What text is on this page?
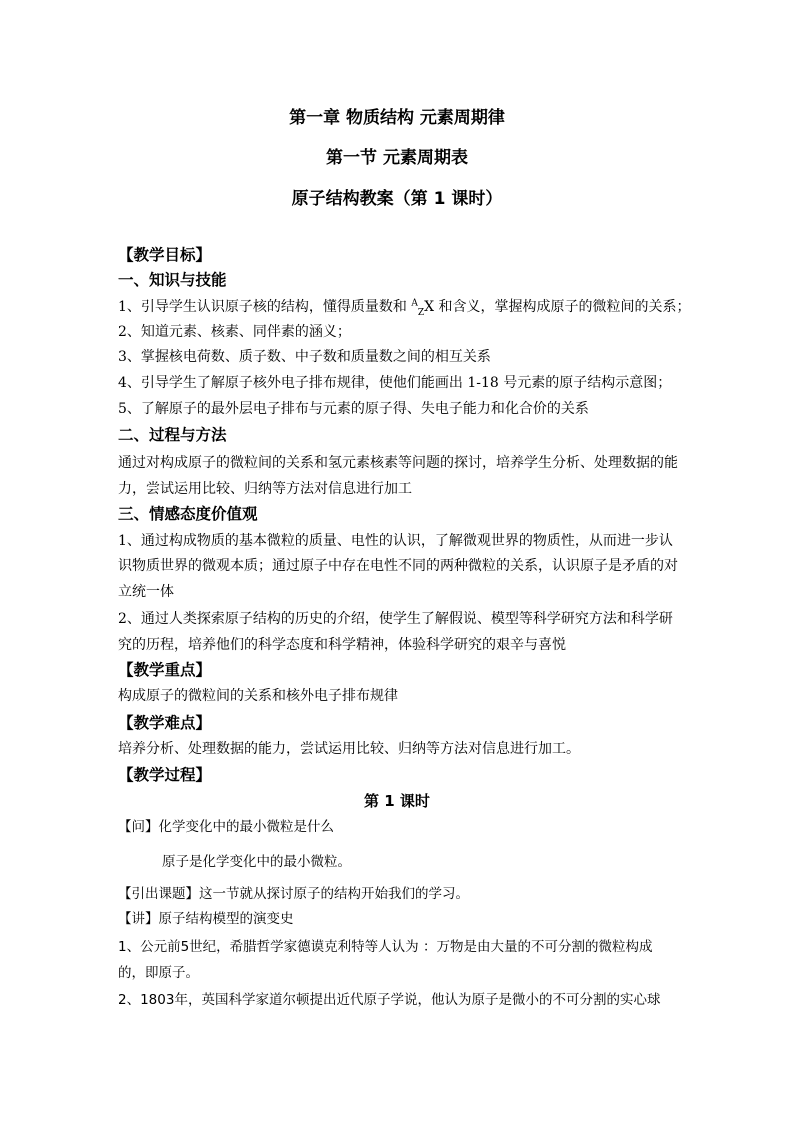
第一章 物质结构 元素周期律
第一节 元素周期表
原子结构教案（第 1 课时）
【教学目标】
一、知识与技能
1、引导学生认识原子核的结构，懂得质量数和 $^A_Z$X 和含义，掌握构成原子的微粒间的关系；
2、知道元素、核素、同伴素的涵义；
3、掌握核电荷数、质子数、中子数和质量数之间的相互关系
4、引导学生了解原子核外电子排布规律，使他们能画出 1-18 号元素的原子结构示意图；
5、了解原子的最外层电子排布与元素的原子得、失电子能力和化合价的关系
二、过程与方法
通过对构成原子的微粒间的关系和氢元素核素等问题的探讨，培养学生分析、处理数据的能
力，尝试运用比较、归纳等方法对信息进行加工
三、情感态度价值观
1、通过构成物质的基本微粒的质量、电性的认识，了解微观世界的物质性，从而进一步认
识物质世界的微观本质；通过原子中存在电性不同的两种微粒的关系，认识原子是矛盾的对
立统一体
2、通过人类探索原子结构的历史的介绍，使学生了解假说、模型等科学研究方法和科学研
究的历程，培养他们的科学态度和科学精神，体验科学研究的艰辛与喜悦
【教学重点】
构成原子的微粒间的关系和核外电子排布规律
【教学难点】
培养分析、处理数据的能力，尝试运用比较、归纳等方法对信息进行加工。
【教学过程】
第 1 课时
【问】化学变化中的最小微粒是什么
原子是化学变化中的最小微粒。
【引出课题】这一节就从探讨原子的结构开始我们的学习。
【讲】原子结构模型的演变史
1、公元前5世纪，希腊哲学家德谟克利特等人认为 ：万物是由大量的不可分割的微粒构成
的，即原子。
2、1803年，英国科学家道尔顿提出近代原子学说，他认为原子是微小的不可分割的实心球
